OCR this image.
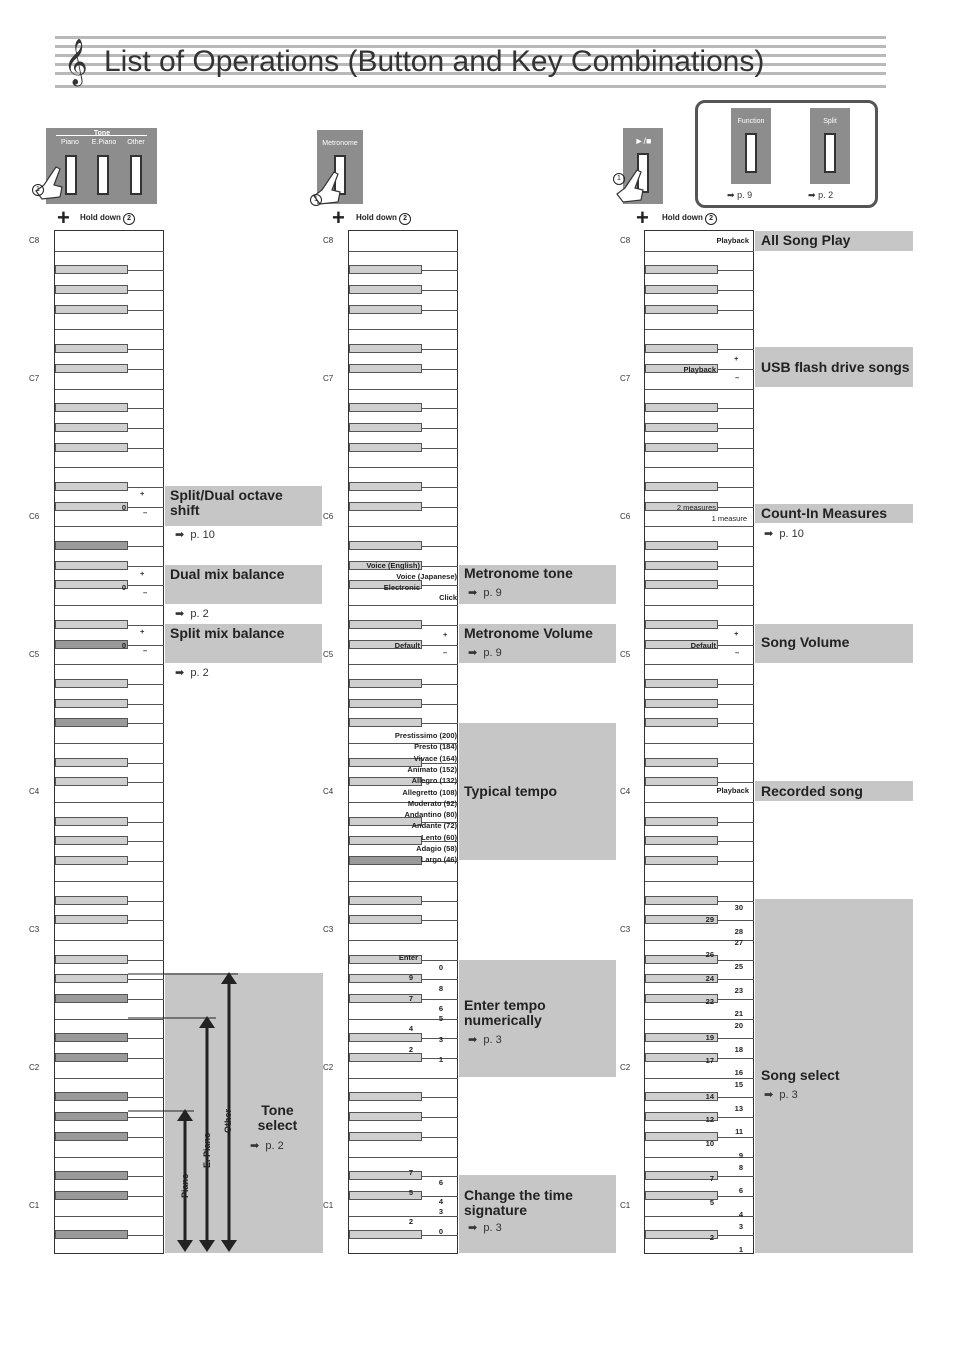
𝄞 List of Operations (Button and Key Combinations)
Tone
Piano	E.Piano	Other
1
+ Hold down 2
Metronome
1
+ Hold down 2
►/■
1
+ Hold down 2
Function	Split
➡ p. 9	➡ p. 2
Split/Dual octave shift
➡ p. 10
Dual mix balance
➡ p. 2
Split mix balance
➡ p. 2
Tone select
➡ p. 2
Metronome tone
➡ p. 9
Metronome Volume
➡ p. 9
Typical tempo
Enter tempo numerically
➡ p. 3
Change the time signature
➡ p. 3
All Song Play
USB flash drive songs
Count-In Measures
➡ p. 10
Song Volume
Recorded song
Song select
➡ p. 3
C8	C8	C8
C7	C7	C7
C6	C6	C6
C5	C5	C5
C4	C4	C4
C3	C3	C3
C2	C2	C2
C1	C1	C1
+
0
–
+
0
–
+
0
–
Piano
E. Piano
Other
Voice (English)
Voice (Japanese)
Electronic
Click
+
Default
–
Prestissimo (200)
Presto (184)
Vivace (164)
Animato (152)
Allegro (132)
Allegretto (108)
Moderato (92)
Andantino (80)
Andante (72)
Lento (60)
Adagio (58)
Largo (46)
Enter
0
9
8
7
6
5
4
3
2
1
7
6
5
4
3
2
0
Playback
+
Playback
–
2 measures
1 measure
+
Default
–
Playback
30
29
28
27
26
25
24
23
22
21
20
19
18
17
16
15
14
13
12
11
10
9
8
7
6
5
4
3
2
1
